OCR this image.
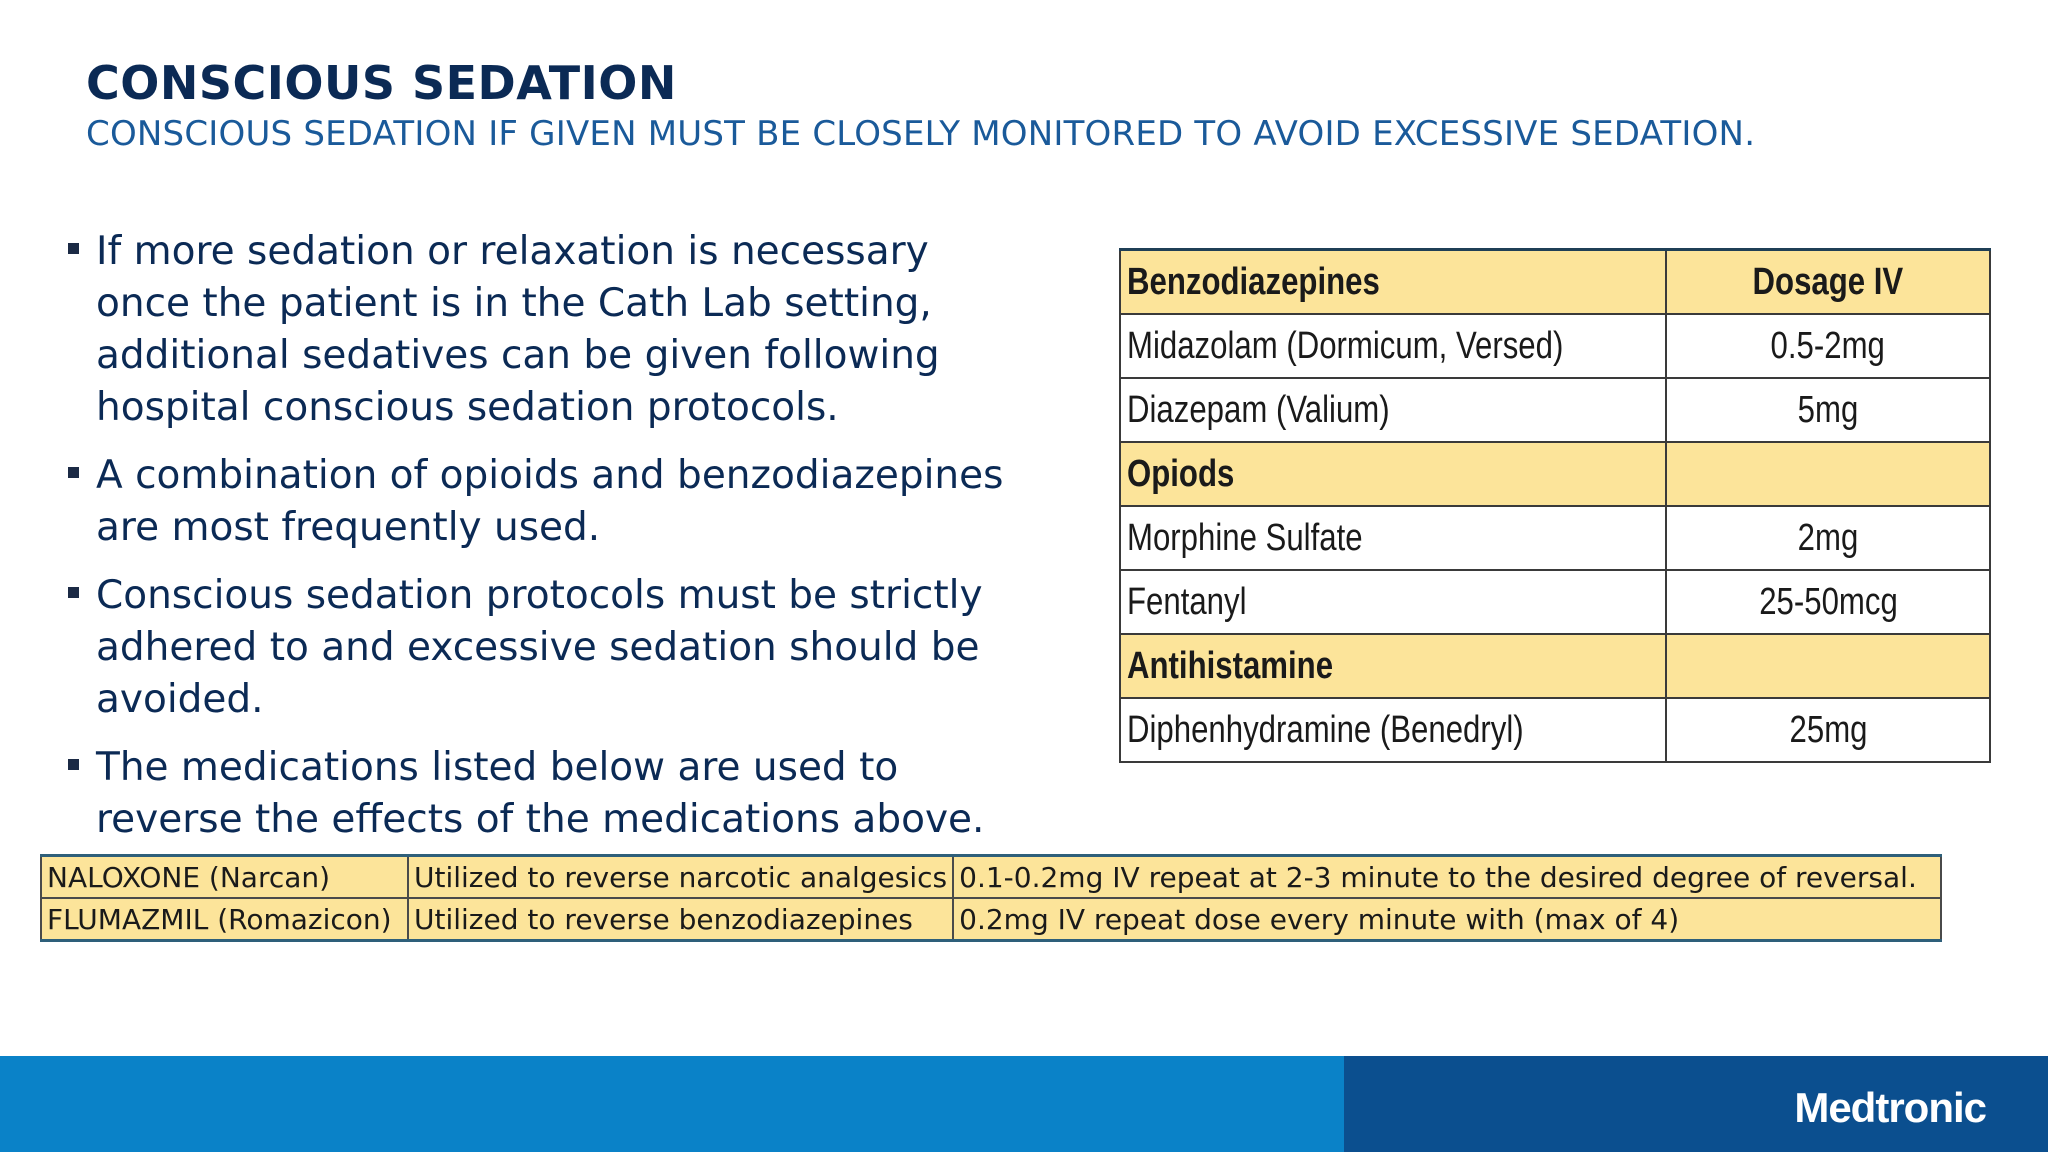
CONSCIOUS SEDATION
CONSCIOUS SEDATION IF GIVEN MUST BE CLOSELY MONITORED TO AVOID EXCESSIVE SEDATION.
If more sedation or relaxation is necessary once the patient is in the Cath Lab setting, additional sedatives can be given following hospital conscious sedation protocols.
A combination of opioids and benzodiazepines are most frequently used.
Conscious sedation protocols must be strictly adhered to and excessive sedation should be avoided.
The medications listed below are used to reverse the effects of the medications above.
Benzodiazepines	Dosage IV
Midazolam (Dormicum, Versed)	0.5-2mg
Diazepam (Valium)	5mg
Opiods	
Morphine Sulfate	2mg
Fentanyl	25-50mcg
Antihistamine	
Diphenhydramine (Benedryl)	25mg
NALOXONE (Narcan)	Utilized to reverse narcotic analgesics	0.1-0.2mg IV repeat at 2-3 minute to the desired degree of reversal.
FLUMAZMIL (Romazicon)	Utilized to reverse benzodiazepines	0.2mg IV repeat dose every minute with (max of 4)
Medtronic
